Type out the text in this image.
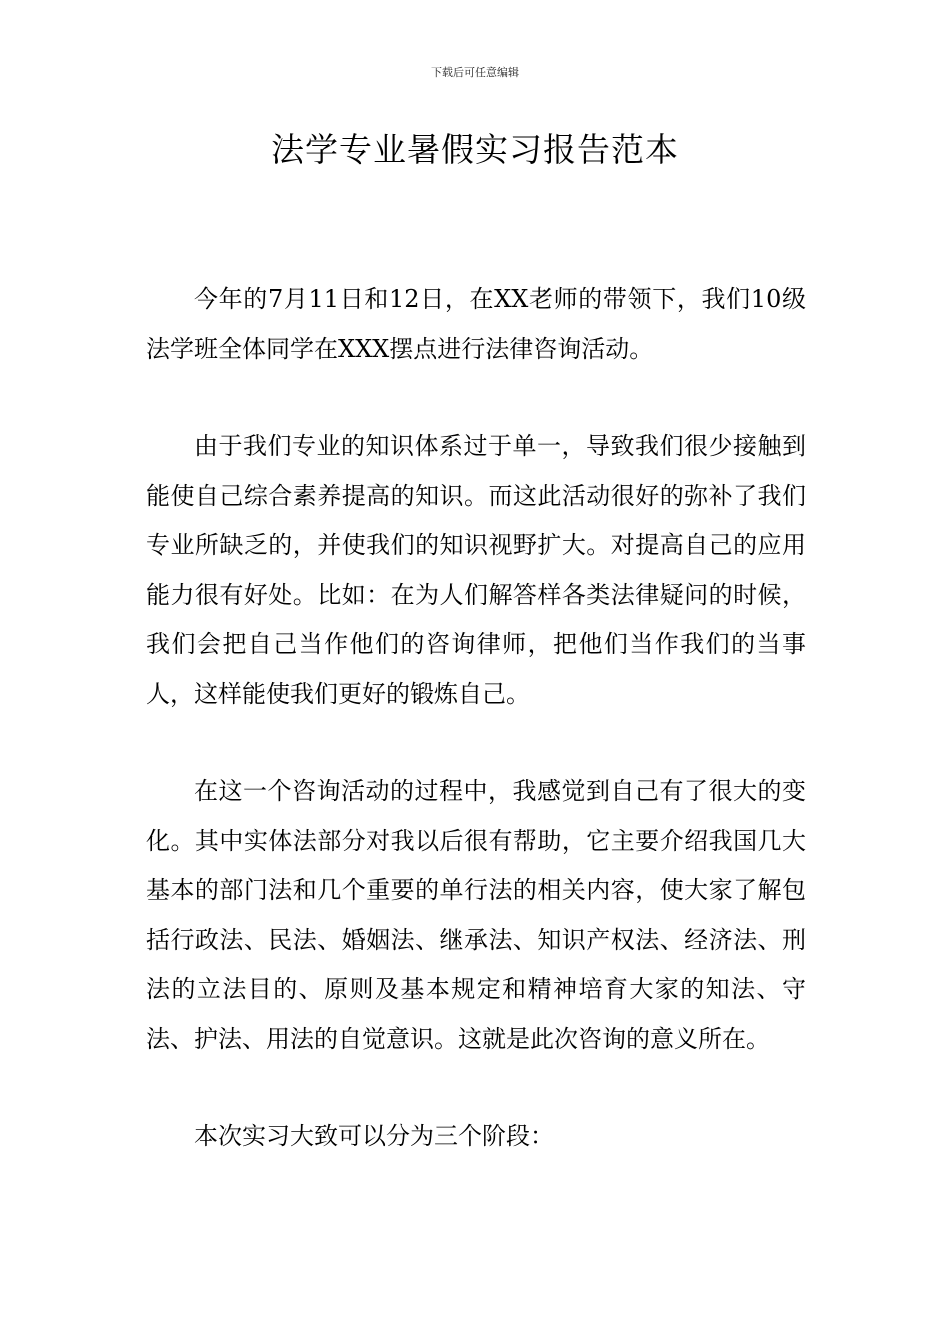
下载后可任意编辑
法学专业暑假实习报告范本

今年的7月11日和12日，在XX老师的带领下，我们10级法学班全体同学在XXX摆点进行法律咨询活动。

由于我们专业的知识体系过于单一，导致我们很少接触到能使自己综合素养提高的知识。而这此活动很好的弥补了我们专业所缺乏的，并使我们的知识视野扩大。对提高自己的应用能力很有好处。比如：在为人们解答样各类法律疑问的时候，我们会把自己当作他们的咨询律师，把他们当作我们的当事人，这样能使我们更好的锻炼自己。

在这一个咨询活动的过程中，我感觉到自己有了很大的变化。其中实体法部分对我以后很有帮助，它主要介绍我国几大基本的部门法和几个重要的单行法的相关内容，使大家了解包括行政法、民法、婚姻法、继承法、知识产权法、经济法、刑法的立法目的、原则及基本规定和精神培育大家的知法、守法、护法、用法的自觉意识。这就是此次咨询的意义所在。

本次实习大致可以分为三个阶段：
